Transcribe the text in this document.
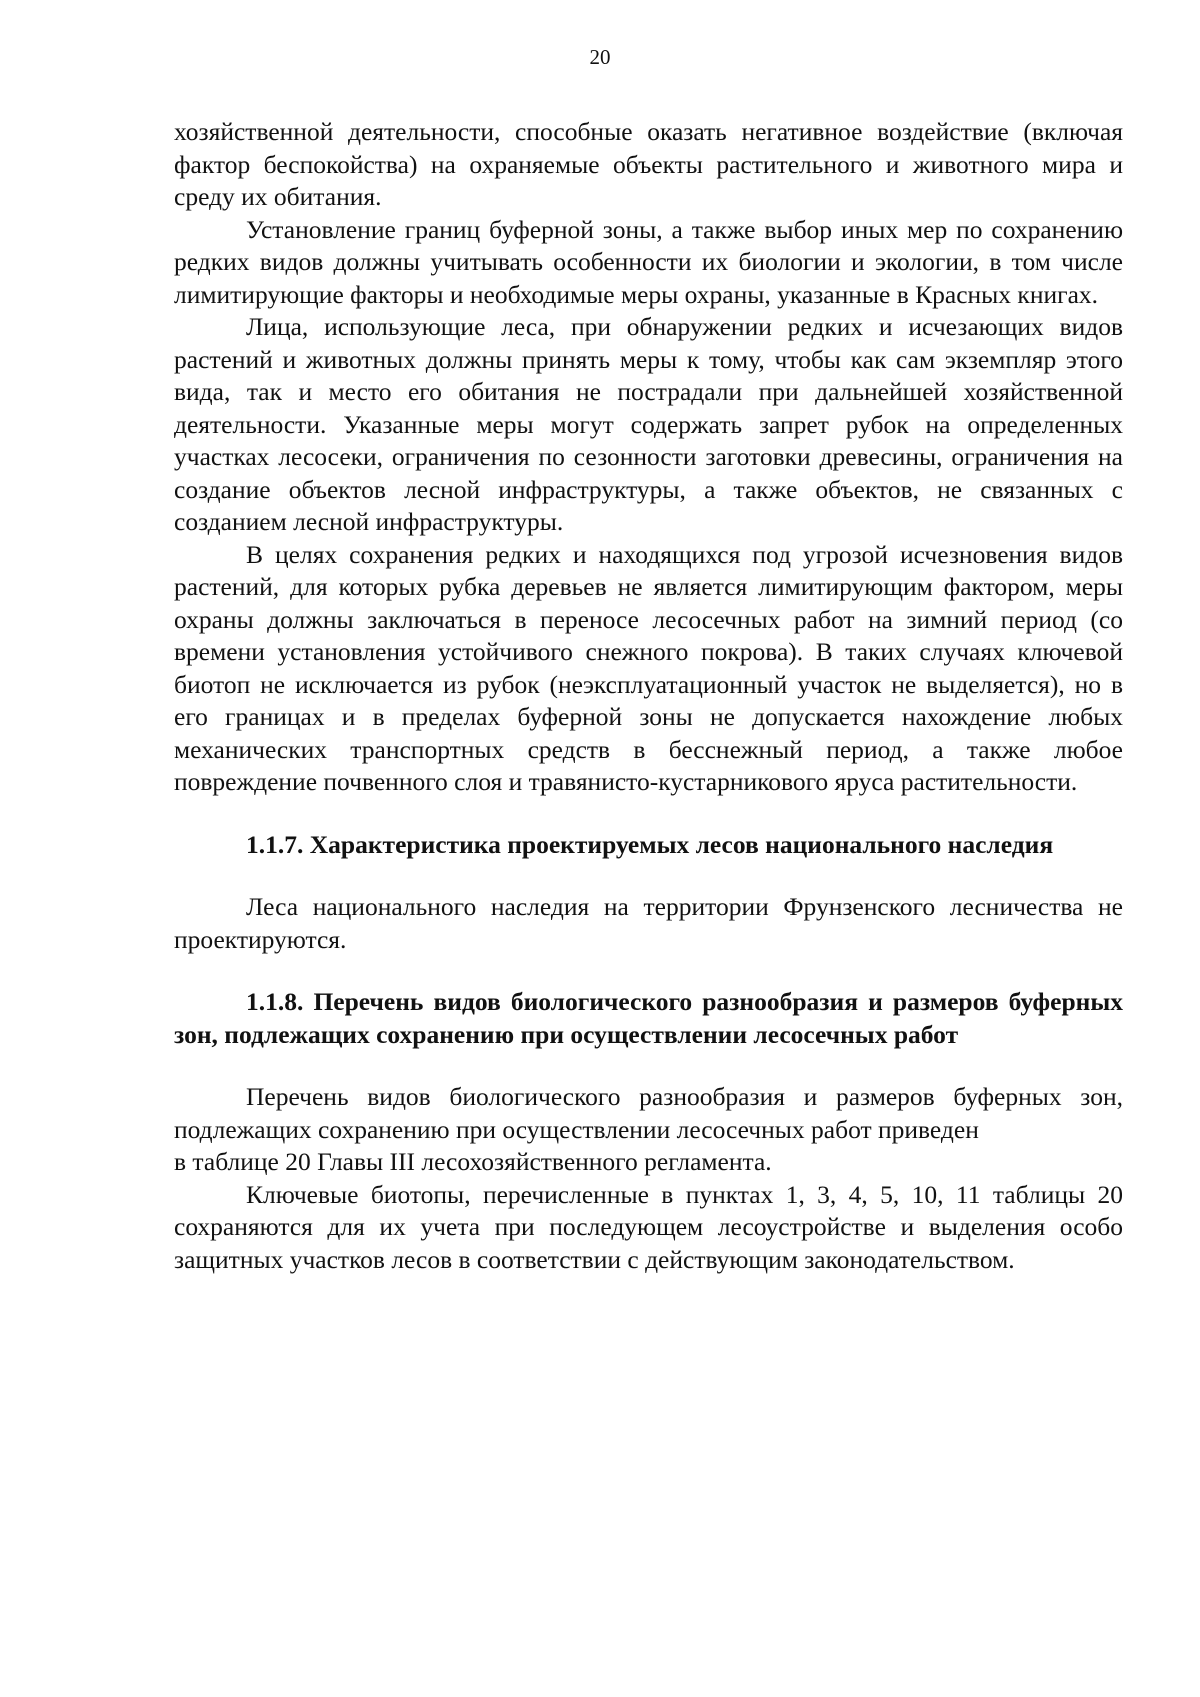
20

хозяйственной деятельности, способные оказать негативное воздействие (включая фактор беспокойства) на охраняемые объекты растительного и животного мира и среду их обитания.

Установление границ буферной зоны, а также выбор иных мер по сохранению редких видов должны учитывать особенности их биологии и экологии, в том числе лимитирующие факторы и необходимые меры охраны, указанные в Красных книгах.

Лица, использующие леса, при обнаружении редких и исчезающих видов растений и животных должны принять меры к тому, чтобы как сам экземпляр этого вида, так и место его обитания не пострадали при дальнейшей хозяйственной деятельности. Указанные меры могут содержать запрет рубок на определенных участках лесосеки, ограничения по сезонности заготовки древесины, ограничения на создание объектов лесной инфраструктуры, а также объектов, не связанных с созданием лесной инфраструктуры.

В целях сохранения редких и находящихся под угрозой исчезновения видов растений, для которых рубка деревьев не является лимитирующим фактором, меры охраны должны заключаться в переносе лесосечных работ на зимний период (со времени установления устойчивого снежного покрова). В таких случаях ключевой биотоп не исключается из рубок (неэксплуатационный участок не выделяется), но в его границах и в пределах буферной зоны не допускается нахождение любых механических транспортных средств в бесснежный период, а также любое повреждение почвенного слоя и травянисто-кустарникового яруса растительности.

1.1.7. Характеристика проектируемых лесов национального наследия

Леса национального наследия на территории Фрунзенского лесничества не проектируются.

1.1.8. Перечень видов биологического разнообразия и размеров буферных зон, подлежащих сохранению при осуществлении лесосечных работ

Перечень видов биологического разнообразия и размеров буферных зон, подлежащих сохранению при осуществлении лесосечных работ приведен

в таблице 20 Главы III лесохозяйственного регламента.

Ключевые биотопы, перечисленные в пунктах 1, 3, 4, 5, 10, 11 таблицы 20 сохраняются для их учета при последующем лесоустройстве и выделения особо защитных участков лесов в соответствии с действующим законодательством.
